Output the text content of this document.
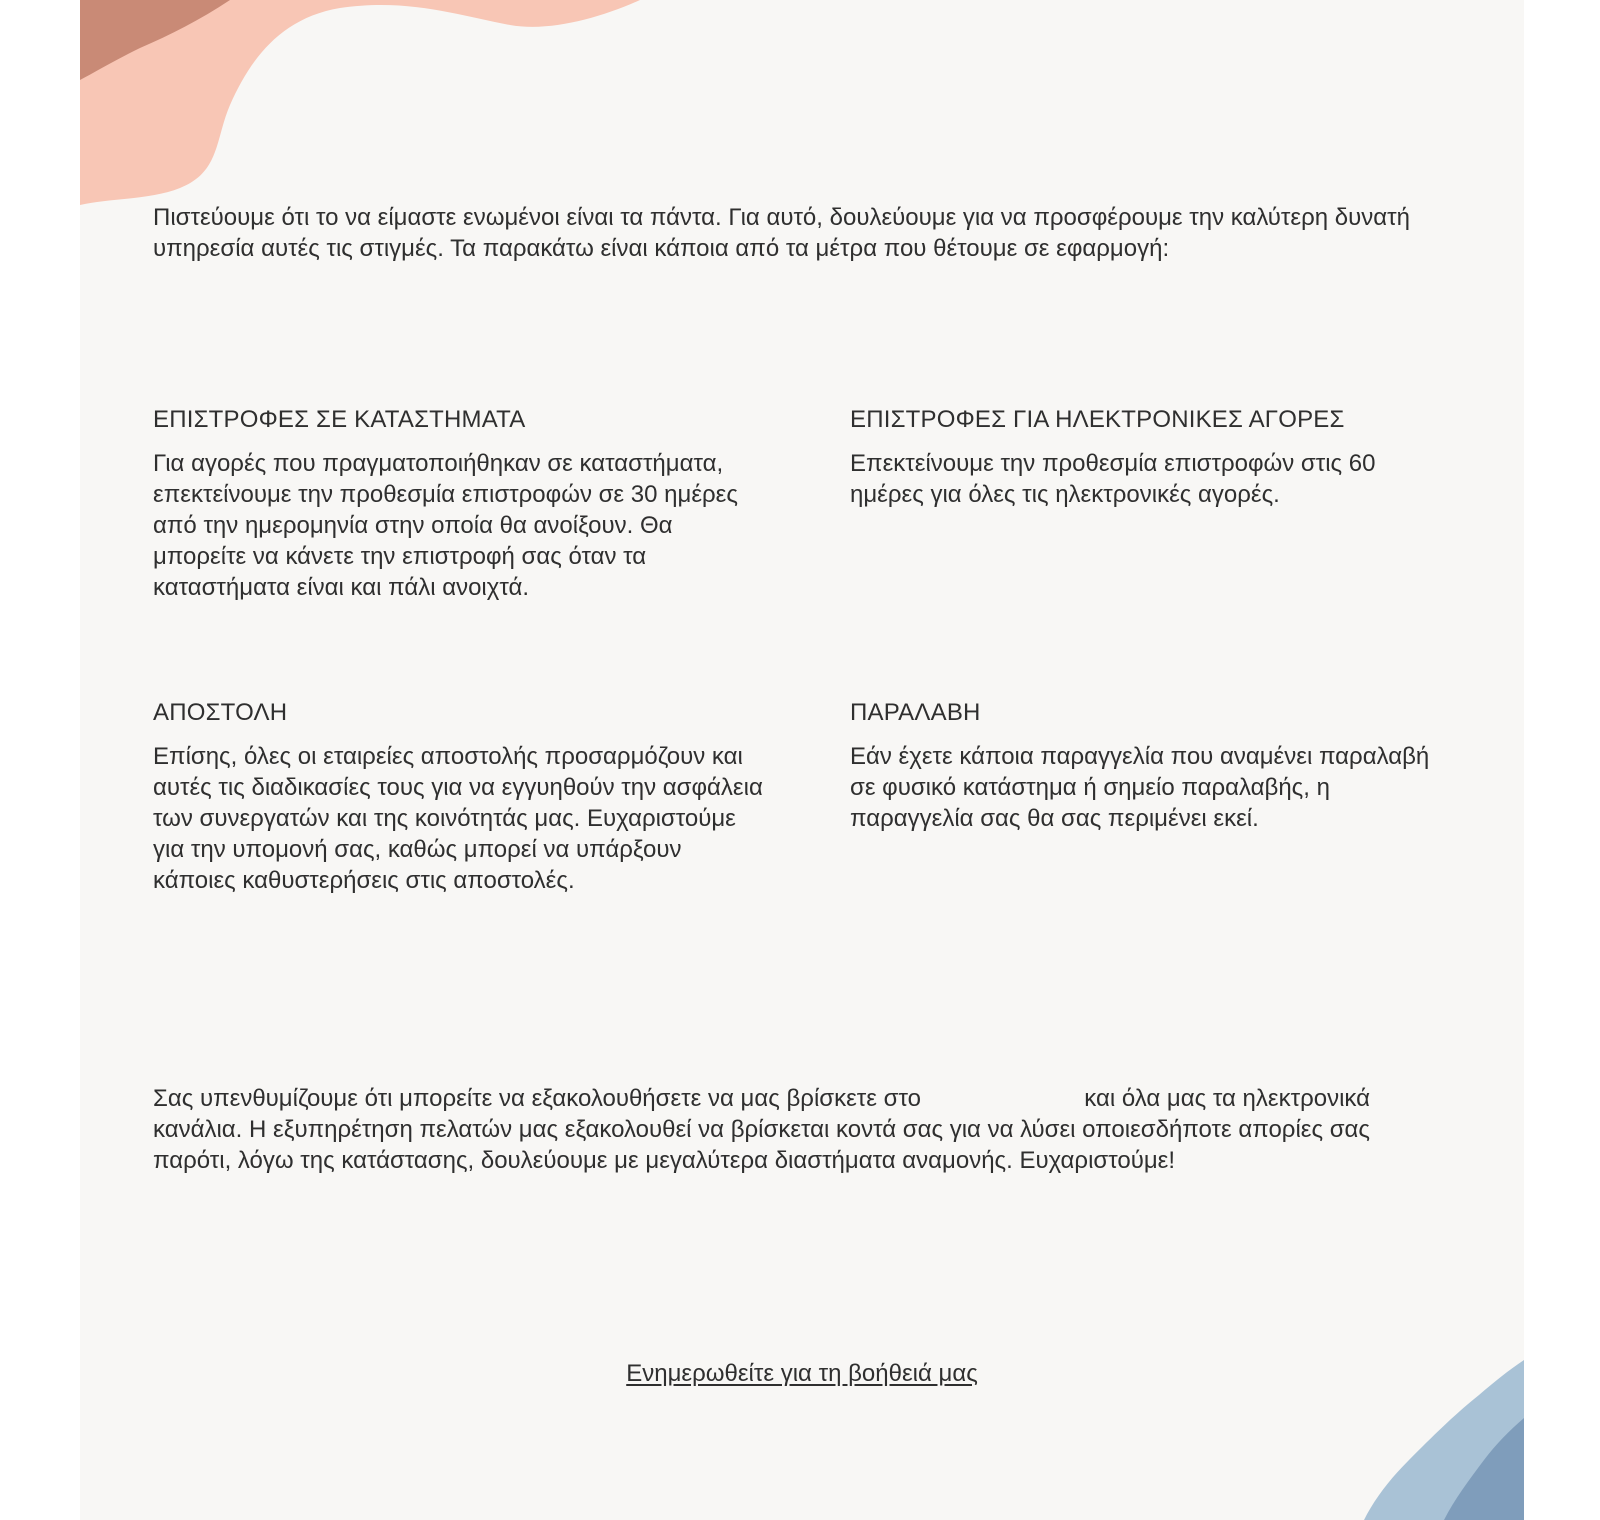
Πιστεύουμε ότι το να είμαστε ενωμένοι είναι τα πάντα. Για αυτό, δουλεύουμε για να προσφέρουμε την καλύτερη δυνατή υπηρεσία αυτές τις στιγμές. Τα παρακάτω είναι κάποια από τα μέτρα που θέτουμε σε εφαρμογή:

ΕΠΙΣΤΡΟΦΕΣ ΣΕ ΚΑΤΑΣΤΗΜΑΤΑ

Για αγορές που πραγματοποιήθηκαν σε καταστήματα, επεκτείνουμε την προθεσμία επιστροφών σε 30 ημέρες από την ημερομηνία στην οποία θα ανοίξουν. Θα μπορείτε να κάνετε την επιστροφή σας όταν τα καταστήματα είναι και πάλι ανοιχτά.

ΕΠΙΣΤΡΟΦΕΣ ΓΙΑ ΗΛΕΚΤΡΟΝΙΚΕΣ ΑΓΟΡΕΣ

Επεκτείνουμε την προθεσμία επιστροφών στις 60 ημέρες για όλες τις ηλεκτρονικές αγορές.

ΑΠΟΣΤΟΛΗ

Επίσης, όλες οι εταιρείες αποστολής προσαρμόζουν και αυτές τις διαδικασίες τους για να εγγυηθούν την ασφάλεια των συνεργατών και της κοινότητάς μας. Ευχαριστούμε για την υπομονή σας, καθώς μπορεί να υπάρξουν κάποιες καθυστερήσεις στις αποστολές.

ΠΑΡΑΛΑΒΗ

Εάν έχετε κάποια παραγγελία που αναμένει παραλαβή σε φυσικό κατάστημα ή σημείο παραλαβής, η παραγγελία σας θα σας περιμένει εκεί.

Σας υπενθυμίζουμε ότι μπορείτε να εξακολουθήσετε να μας βρίσκετε στο	και όλα μας τα ηλεκτρονικά κανάλια. Η εξυπηρέτηση πελατών μας εξακολουθεί να βρίσκεται κοντά σας για να λύσει οποιεσδήποτε απορίες σας παρότι, λόγω της κατάστασης, δουλεύουμε με μεγαλύτερα διαστήματα αναμονής. Ευχαριστούμε!

Ενημερωθείτε για τη βοήθειά μας
